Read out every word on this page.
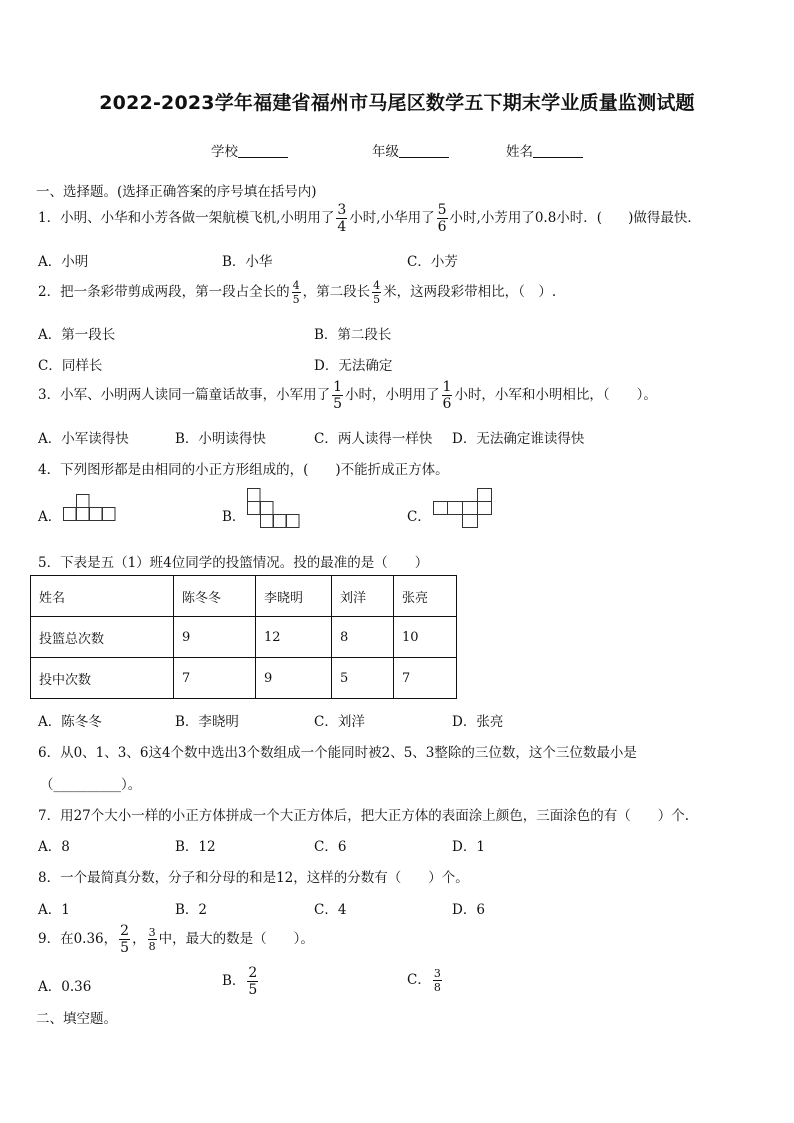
2022-2023学年福建省福州市马尾区数学五下期末学业质量监测试题
学校	年级	姓名
一、选择题。(选择正确答案的序号填在括号内)
1．小明、小华和小芳各做一架航模飞机,小明用了 $\frac{3}{4}$ 小时,小华用了 $\frac{5}{6}$ 小时,小芳用了0.8小时．( )做得最快．
A．小明	B．小华	C．小芳
2．把一条彩带剪成两段，第一段占全长的 $\frac{4}{5}$ ，第二段长 $\frac{4}{5}$ 米，这两段彩带相比，（　）.
A．第一段长	B．第二段长
C．同样长	D．无法确定
3．小军、小明两人读同一篇童话故事，小军用了 $\frac{1}{5}$ 小时，小明用了 $\frac{1}{6}$ 小时，小军和小明相比，（　　）。
A．小军读得快	B．小明读得快	C．两人读得一样快 D．无法确定谁读得快
4．下列图形都是由相同的小正方形组成的，(　　)不能折成正方体。
A．	B．	C．
5．下表是五（1）班4位同学的投篮情况。投的最准的是（　　）
姓名	陈冬冬	李晓明	刘洋	张亮
投篮总次数	9	12	8	10
投中次数	7	9	5	7
A．陈冬冬	B．李晓明	C．刘洋	D．张亮
6．从0、1、3、6这4个数中选出3个数组成一个能同时被2、5、3整除的三位数，这个三位数最小是
（__________）。
7．用27个大小一样的小正方体拼成一个大正方体后，把大正方体的表面涂上颜色，三面涂色的有（　　）个.
A．8	B．12	C．6	D．1
8．一个最简真分数，分子和分母的和是12，这样的分数有（　　）个。
A．1	B．2	C．4	D．6
9．在0.36， $\frac{2}{5}$ ， $\frac{3}{8}$ 中，最大的数是（　　）。
A．0.36	B． $\frac{2}{5}$	C． $\frac{3}{8}$
二、填空题。
